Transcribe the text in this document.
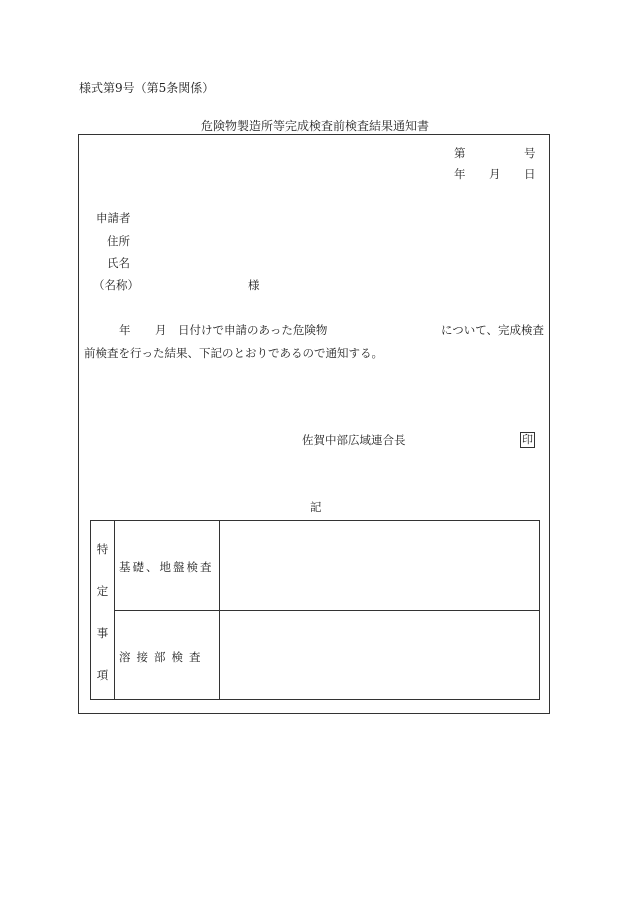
様式第9号（第5条関係）
危険物製造所等完成検査前検査結果通知書
第	号
年 月 日
申請者
住所
氏名
（名称）	様
年 月 日付けで申請のあった危険物	について、完成検査
前検査を行った結果、下記のとおりであるので通知する。
佐賀中部広域連合長	印
記
特
定
事
項
基礎、地盤検査
溶接部検査
